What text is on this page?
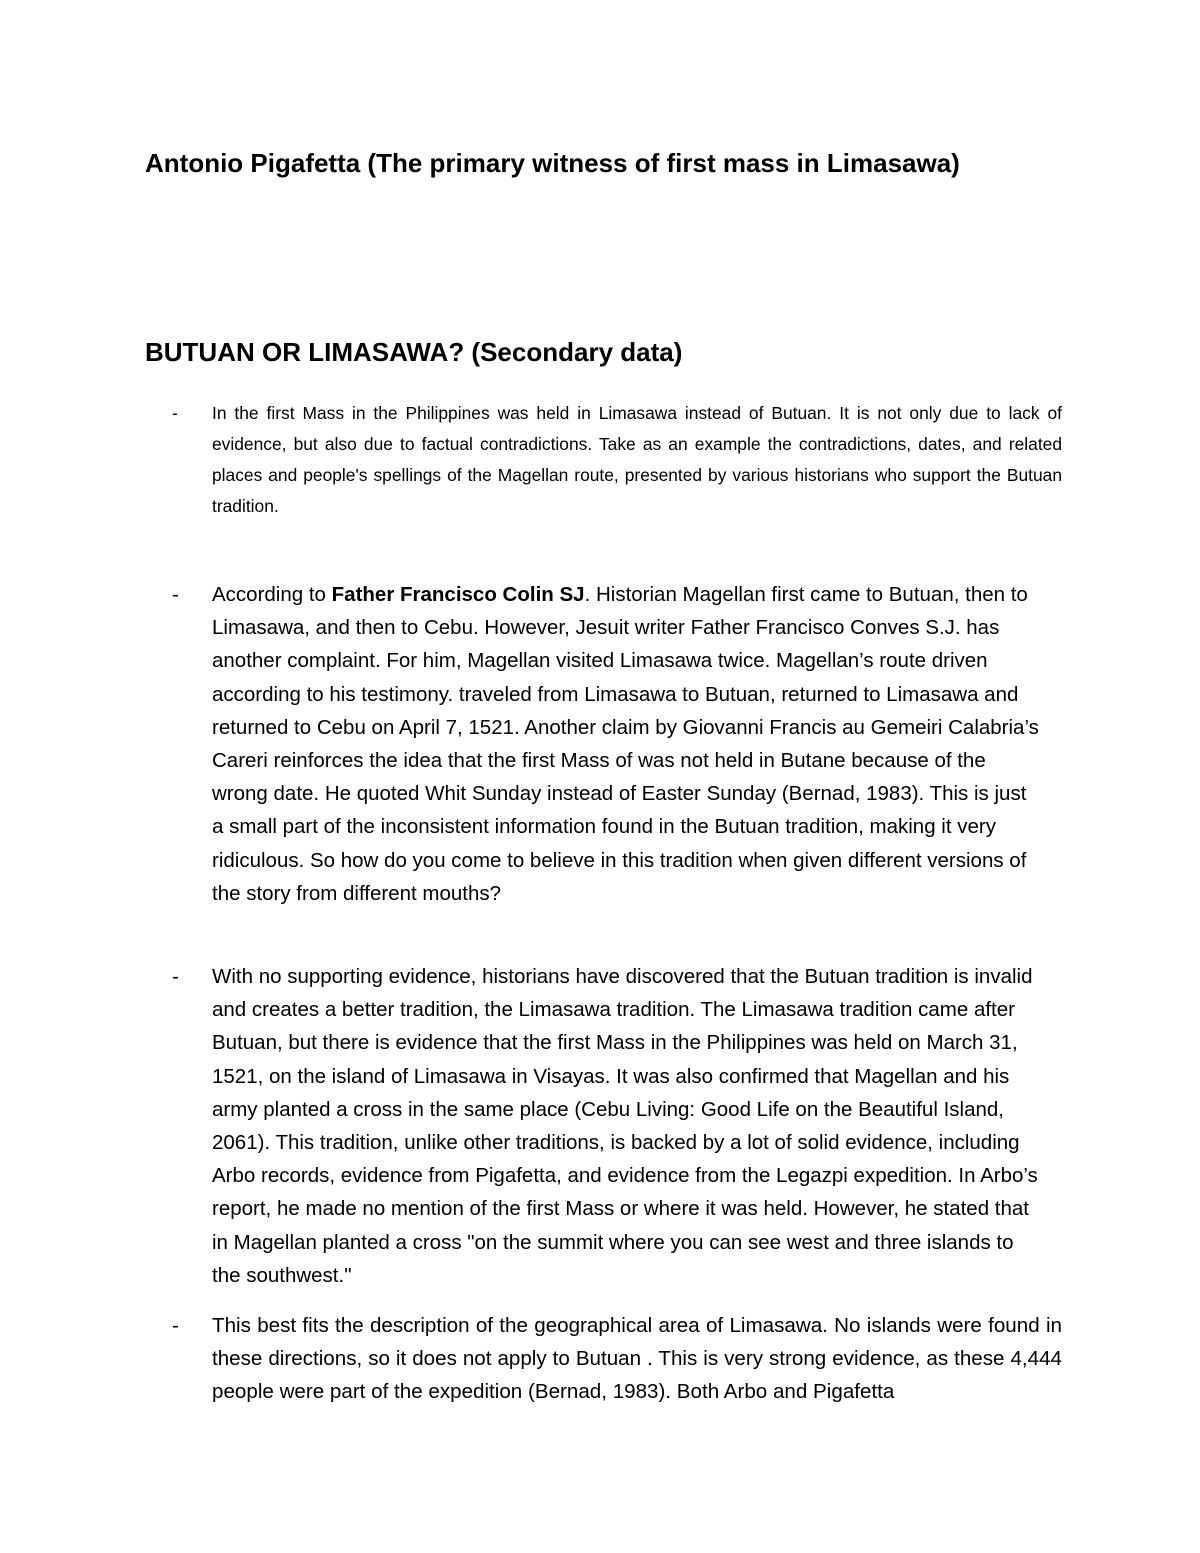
Antonio Pigafetta (The primary witness of first mass in Limasawa)
BUTUAN OR LIMASAWA? (Secondary data)
- In the first Mass in the Philippines was held in Limasawa instead of Butuan. It is not only due to lack of evidence, but also due to factual contradictions. Take as an example the contradictions, dates, and related places and people's spellings of the Magellan route, presented by various historians who support the Butuan tradition.

- According to Father Francisco Colin SJ. Historian Magellan first came to Butuan, then to Limasawa, and then to Cebu. However, Jesuit writer Father Francisco Conves S.J. has another complaint. For him, Magellan visited Limasawa twice. Magellan’s route driven according to his testimony. traveled from Limasawa to Butuan, returned to Limasawa and returned to Cebu on April 7, 1521. Another claim by Giovanni Francis au Gemeiri Calabria’s Careri reinforces the idea that the first Mass of was not held in Butane because of the wrong date. He quoted Whit Sunday instead of Easter Sunday (Bernad, 1983). This is just a small part of the inconsistent information found in the Butuan tradition, making it very ridiculous. So how do you come to believe in this tradition when given different versions of the story from different mouths?

- With no supporting evidence, historians have discovered that the Butuan tradition is invalid and creates a better tradition, the Limasawa tradition. The Limasawa tradition came after Butuan, but there is evidence that the first Mass in the Philippines was held on March 31, 1521, on the island of Limasawa in Visayas. It was also confirmed that Magellan and his army planted a cross in the same place (Cebu Living: Good Life on the Beautiful Island, 2061). This tradition, unlike other traditions, is backed by a lot of solid evidence, including Arbo records, evidence from Pigafetta, and evidence from the Legazpi expedition. In Arbo’s report, he made no mention of the first Mass or where it was held. However, he stated that in Magellan planted a cross "on the summit where you can see west and three islands to the southwest."

- This best fits the description of the geographical area of Limasawa. No islands were found in these directions, so it does not apply to Butuan . This is very strong evidence, as these 4,444 people were part of the expedition (Bernad, 1983). Both Arbo and Pigafetta
